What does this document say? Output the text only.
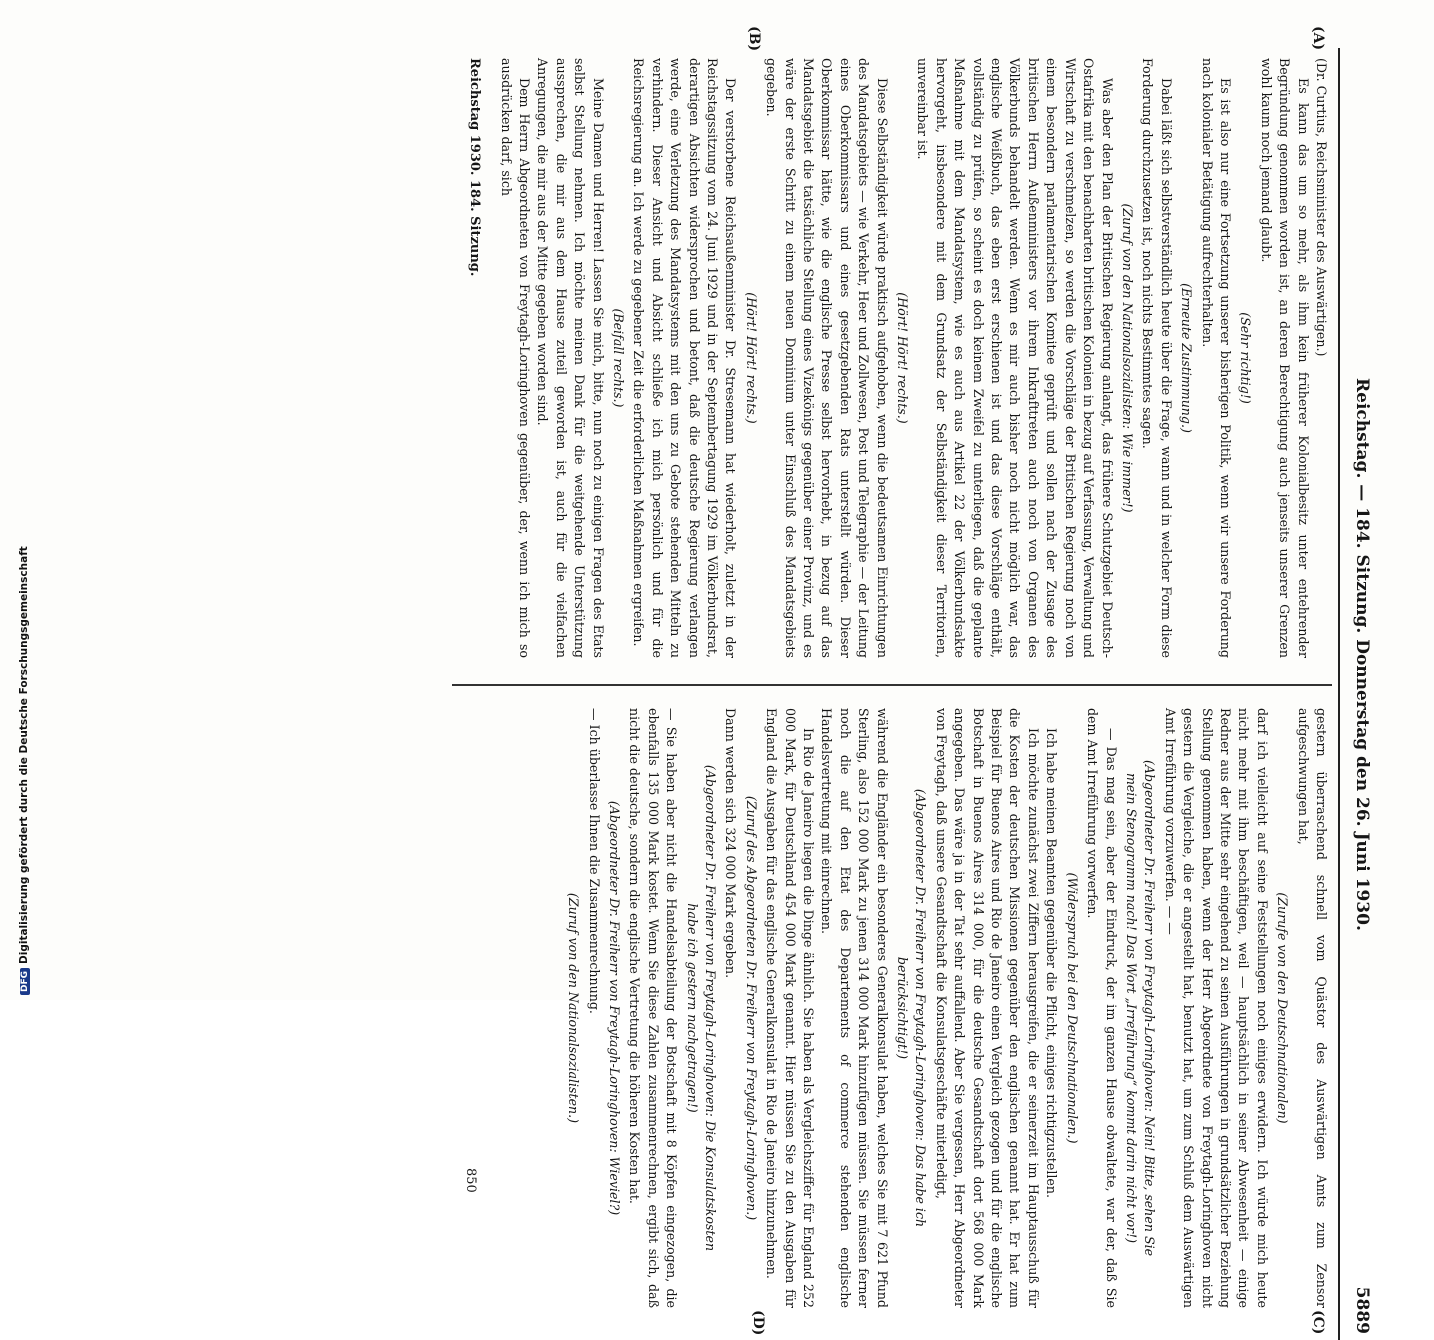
Reichstag. — 184. Sitzung. Donnerstag den 26. Juni 1930.
5889
(A)
(B)
(C)
(D)

(Dr. Curtius, Reichsminister des Auswärtigen.)

Es kann das um so mehr, als ihm kein früherer Kolonialbesitz unter entehrender Begründung genommen worden ist, an deren Berechtigung auch jenseits unserer Grenzen wohl kaum noch jemand glaubt.

(Sehr richtig!)

Es ist also nur eine Fortsetzung unserer bisherigen Politik, wenn wir unsere Forderung nach kolonialer Betätigung aufrechterhalten.

(Erneute Zustimmung.)

Dabei läßt sich selbstverständlich heute über die Frage, wann und in welcher Form diese Forderung durchzusetzen ist, noch nichts Bestimmtes sagen.

(Zuruf von den Nationalsozialisten: Wie immer!)

Was aber den Plan der Britischen Regierung anlangt, das frühere Schutzgebiet Deutsch-Ostafrika mit den benachbarten britischen Kolonien in bezug auf Verfassung, Verwaltung und Wirtschaft zu verschmelzen, so werden die Vorschläge der Britischen Regierung noch von einem besondern parlamentarischen Komitee geprüft und sollen nach der Zusage des britischen Herrn Außenministers vor ihrem Inkrafttreten auch noch von Organen des Völkerbunds behandelt werden. Wenn es mir auch bisher noch nicht möglich war, das englische Weißbuch, das eben erst erschienen ist und das diese Vorschläge enthält, vollständig zu prüfen, so scheint es doch keinem Zweifel zu unterliegen, daß die geplante Maßnahme mit dem Mandatsystem, wie es auch aus Artikel 22 der Völkerbundsakte hervorgeht, insbesondere mit dem Grundsatz der Selbständigkeit dieser Territorien, unvereinbar ist.

(Hört! Hört! rechts.)

Diese Selbständigkeit würde praktisch aufgehoben, wenn die bedeutsamen Einrichtungen des Mandatsgebiets — wie Verkehr, Heer und Zollwesen, Post und Telegraphie — der Leitung eines Oberkommissars und eines gesetzgebenden Rats unterstellt würden. Dieser Oberkommissar hätte, wie die englische Presse selbst hervorhebt, in bezug auf das Mandatsgebiet die tatsächliche Stellung eines Vizekönigs gegenüber einer Provinz, und es wäre der erste Schritt zu einem neuen Dominium unter Einschluß des Mandatsgebiets gegeben.

(Hört! Hört! rechts.)

Der verstorbene Reichsaußenminister Dr. Stresemann hat wiederholt, zuletzt in der Reichstagssitzung vom 24. Juni 1929 und in der Septembertagung 1929 im Völkerbundsrat, derartigen Absichten widersprochen und betont, daß die deutsche Regierung verlangen werde, eine Verletzung des Mandatsystems mit den uns zu Gebote stehenden Mitteln zu verhindern. Dieser Ansicht und Absicht schließe ich mich persönlich und für die Reichsregierung an. Ich werde zu gegebener Zeit die erforderlichen Maßnahmen ergreifen.

(Beifall rechts.)

Meine Damen und Herren! Lassen Sie mich, bitte, nun noch zu einigen Fragen des Etats selbst Stellung nehmen. Ich möchte meinen Dank für die weitgehende Unterstützung aussprechen, die mir aus dem Hause zuteil geworden ist, auch für die vielfachen Anregungen, die mir aus der Mitte gegeben worden sind.

Dem Herrn Abgeordneten von Freytagh-Loringhoven gegenüber, der, wenn ich mich so ausdrücken darf, sich

gestern überraschend schnell vom Quästor des Auswärtigen Amts zum Zensor aufgeschwungen hat,

(Zurufe von den Deutschnationalen)

darf ich vielleicht auf seine Feststellungen noch einiges erwidern. Ich würde mich heute nicht mehr mit ihm beschäftigen, weil — hauptsächlich in seiner Abwesenheit — einige Redner aus der Mitte sehr eingehend zu seinen Ausführungen in grundsätzlicher Beziehung Stellung genommen haben, wenn der Herr Abgeordnete von Freytagh-Loringhoven nicht gestern die Vergleiche, die er angestellt hat, benutzt hat, um zum Schluß dem Auswärtigen Amt Irreführung vorzuwerfen. — —

(Abgeordneter Dr. Freiherr von Freytagh-Loringhoven: Nein! Bitte, sehen Sie mein Stenogramm nach! Das Wort „Irreführung“ kommt darin nicht vor!)

— Das mag sein, aber der Eindruck, der im ganzen Hause obwaltete, war der, daß Sie dem Amt Irreführung vorwerfen.

(Widerspruch bei den Deutschnationalen.)

Ich habe meinen Beamten gegenüber die Pflicht, einiges richtigzustellen.

Ich möchte zunächst zwei Ziffern herausgreifen, die er seinerzeit im Hauptausschuß für die Kosten der deutschen Missionen gegenüber den englischen genannt hat. Er hat zum Beispiel für Buenos Aires und Rio de Janeiro einen Vergleich gezogen und für die englische Botschaft in Buenos Aires 314 000, für die deutsche Gesandtschaft dort 568 000 Mark angegeben. Das wäre ja in der Tat sehr auffallend. Aber Sie vergessen, Herr Abgeordneter von Freytagh, daß unsere Gesandtschaft die Konsulatsgeschäfte miterledigt,

(Abgeordneter Dr. Freiherr von Freytagh-Loringhoven: Das habe ich berücksichtigt!)

während die Engländer ein besonderes Generalkonsulat haben, welches Sie mit 7 621 Pfund Sterling, also 152 000 Mark zu jenen 314 000 Mark hinzufügen müssen. Sie müssen ferner noch die auf den Etat des Departements of commerce stehenden englische Handelsvertretung mit einrechnen.

In Rio de Janeiro liegen die Dinge ähnlich. Sie haben als Vergleichsziffer für England 252 000 Mark, für Deutschland 454 000 Mark genannt. Hier müssen Sie zu den Ausgaben für England die Ausgaben für das englische Generalkonsulat in Rio de Janeiro hinzunehmen.

(Zuruf des Abgeordneten Dr. Freiherr von Freytagh-Loringhoven.)

Dann werden sich 324 000 Mark ergeben.

(Abgeordneter Dr. Freiherr von Freytagh-Loringhoven: Die Konsulatskosten habe ich gestern nachgetragen!)

— Sie haben aber nicht die Handelsabteilung der Botschaft mit 8 Köpfen eingezogen, die ebenfalls 135 000 Mark kostet. Wenn Sie diese Zahlen zusammenrechnen, ergibt sich, daß nicht die deutsche, sondern die englische Vertretung die höheren Kosten hat.

(Abgeordneter Dr. Freiherr von Freytagh-Loringhoven: Wieviel?)

— Ich überlasse Ihnen die Zusammenrechnung.

(Zuruf von den Nationalsozialisten.)

Reichstag 1930. 184. Sitzung.
850
DFGDigitalisierung gefördert durch die Deutsche Forschungsgemeinschaft
